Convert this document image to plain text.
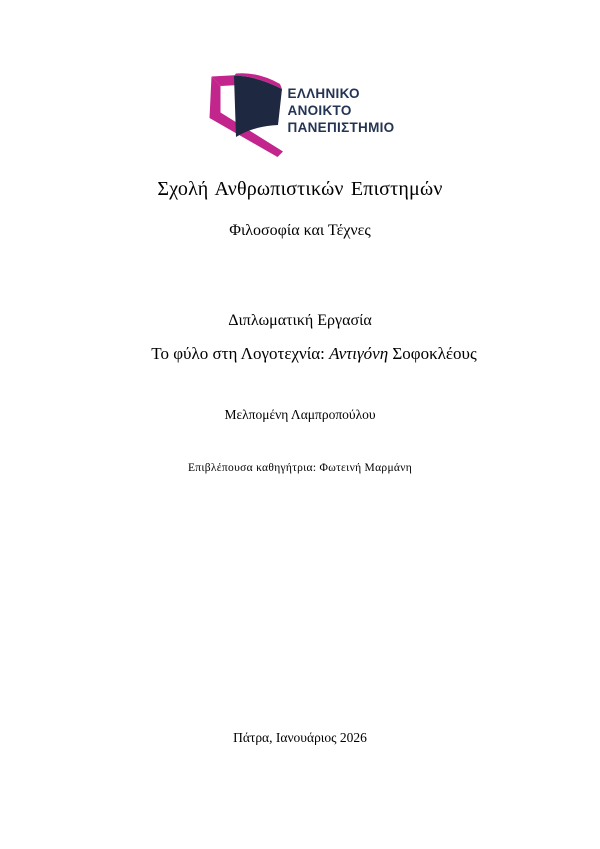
ΕΛΛΗΝΙΚΟ
ΑΝΟΙΚΤΟ
ΠΑΝΕΠΙΣΤΗΜΙΟ
Σχολή Ανθρωπιστικών Επιστημών
Φιλοσοφία και Τέχνες
Διπλωματική Εργασία
Το φύλο στη Λογοτεχνία: Αντιγόνη Σοφοκλέους
Μελπομένη Λαμπροπούλου
Επιβλέπουσα καθηγήτρια: Φωτεινή Μαρμάνη
Πάτρα, Ιανουάριος 2026
